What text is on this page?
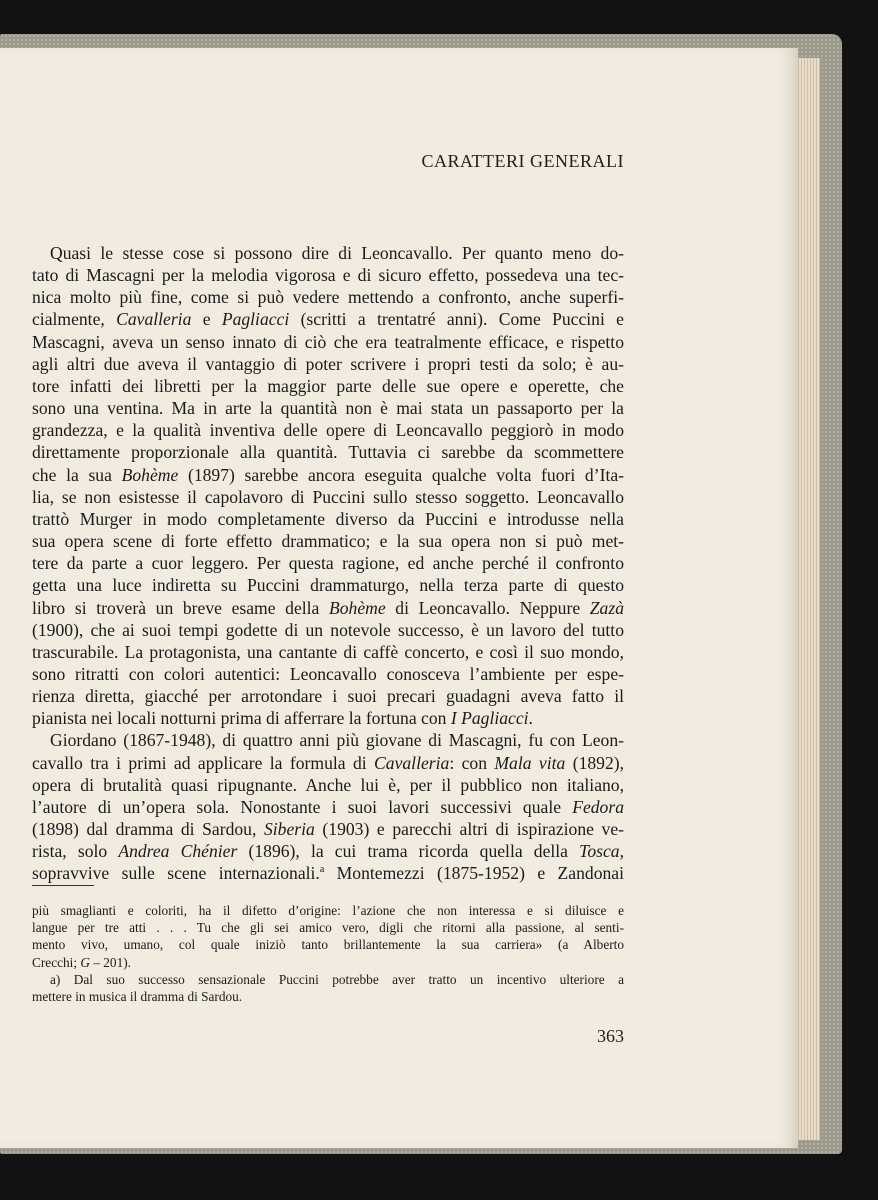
CARATTERI GENERALI
Quasi le stesse cose si possono dire di Leoncavallo. Per quanto meno do-
tato di Mascagni per la melodia vigorosa e di sicuro effetto, possedeva una tec-
nica molto più fine, come si può vedere mettendo a confronto, anche superfi-
cialmente, Cavalleria e Pagliacci (scritti a trentatré anni). Come Puccini e
Mascagni, aveva un senso innato di ciò che era teatralmente efficace, e rispetto
agli altri due aveva il vantaggio di poter scrivere i propri testi da solo; è au-
tore infatti dei libretti per la maggior parte delle sue opere e operette, che
sono una ventina. Ma in arte la quantità non è mai stata un passaporto per la
grandezza, e la qualità inventiva delle opere di Leoncavallo peggiorò in modo
direttamente proporzionale alla quantità. Tuttavia ci sarebbe da scommettere
che la sua Bohème (1897) sarebbe ancora eseguita qualche volta fuori d’Ita-
lia, se non esistesse il capolavoro di Puccini sullo stesso soggetto. Leoncavallo
trattò Murger in modo completamente diverso da Puccini e introdusse nella
sua opera scene di forte effetto drammatico; e la sua opera non si può met-
tere da parte a cuor leggero. Per questa ragione, ed anche perché il confronto
getta una luce indiretta su Puccini drammaturgo, nella terza parte di questo
libro si troverà un breve esame della Bohème di Leoncavallo. Neppure Zazà
(1900), che ai suoi tempi godette di un notevole successo, è un lavoro del tutto
trascurabile. La protagonista, una cantante di caffè concerto, e così il suo mondo,
sono ritratti con colori autentici: Leoncavallo conosceva l’ambiente per espe-
rienza diretta, giacché per arrotondare i suoi precari guadagni aveva fatto il
pianista nei locali notturni prima di afferrare la fortuna con I Pagliacci.
Giordano (1867-1948), di quattro anni più giovane di Mascagni, fu con Leon-
cavallo tra i primi ad applicare la formula di Cavalleria: con Mala vita (1892),
opera di brutalità quasi ripugnante. Anche lui è, per il pubblico non italiano,
l’autore di un’opera sola. Nonostante i suoi lavori successivi quale Fedora
(1898) dal dramma di Sardou, Siberia (1903) e parecchi altri di ispirazione ve-
rista, solo Andrea Chénier (1896), la cui trama ricorda quella della Tosca,
sopravvive sulle scene internazionali.$^a$ Montemezzi (1875-1952) e Zandonai
più smaglianti e coloriti, ha il difetto d’origine: l’azione che non interessa e si diluisce e
langue per tre atti . . . Tu che gli sei amico vero, digli che ritorni alla passione, al senti-
mento vivo, umano, col quale iniziò tanto brillantemente la sua carriera» (a Alberto
Crecchi; G – 201).
a) Dal suo successo sensazionale Puccini potrebbe aver tratto un incentivo ulteriore a
mettere in musica il dramma di Sardou.
363
